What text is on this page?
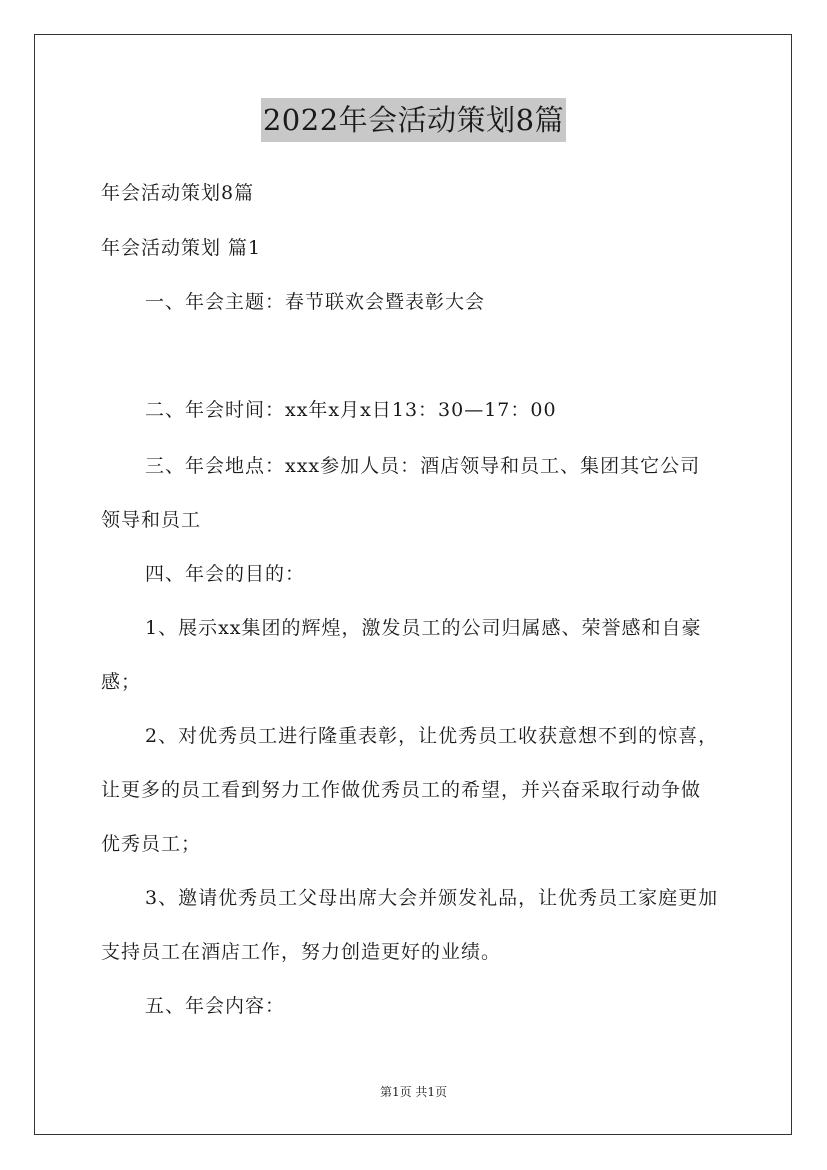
2022年会活动策划8篇
年会活动策划8篇
年会活动策划 篇1
一、年会主题：春节联欢会暨表彰大会
二、年会时间：xx年x月x日13：30—17：00
三、年会地点：xxx参加人员：酒店领导和员工、集团其它公司
领导和员工
四、年会的目的：
1、展示xx集团的辉煌，激发员工的公司归属感、荣誉感和自豪
感；
2、对优秀员工进行隆重表彰，让优秀员工收获意想不到的惊喜，
让更多的员工看到努力工作做优秀员工的希望，并兴奋采取行动争做
优秀员工；
3、邀请优秀员工父母出席大会并颁发礼品，让优秀员工家庭更加
支持员工在酒店工作，努力创造更好的业绩。
五、年会内容：
第1页 共1页
